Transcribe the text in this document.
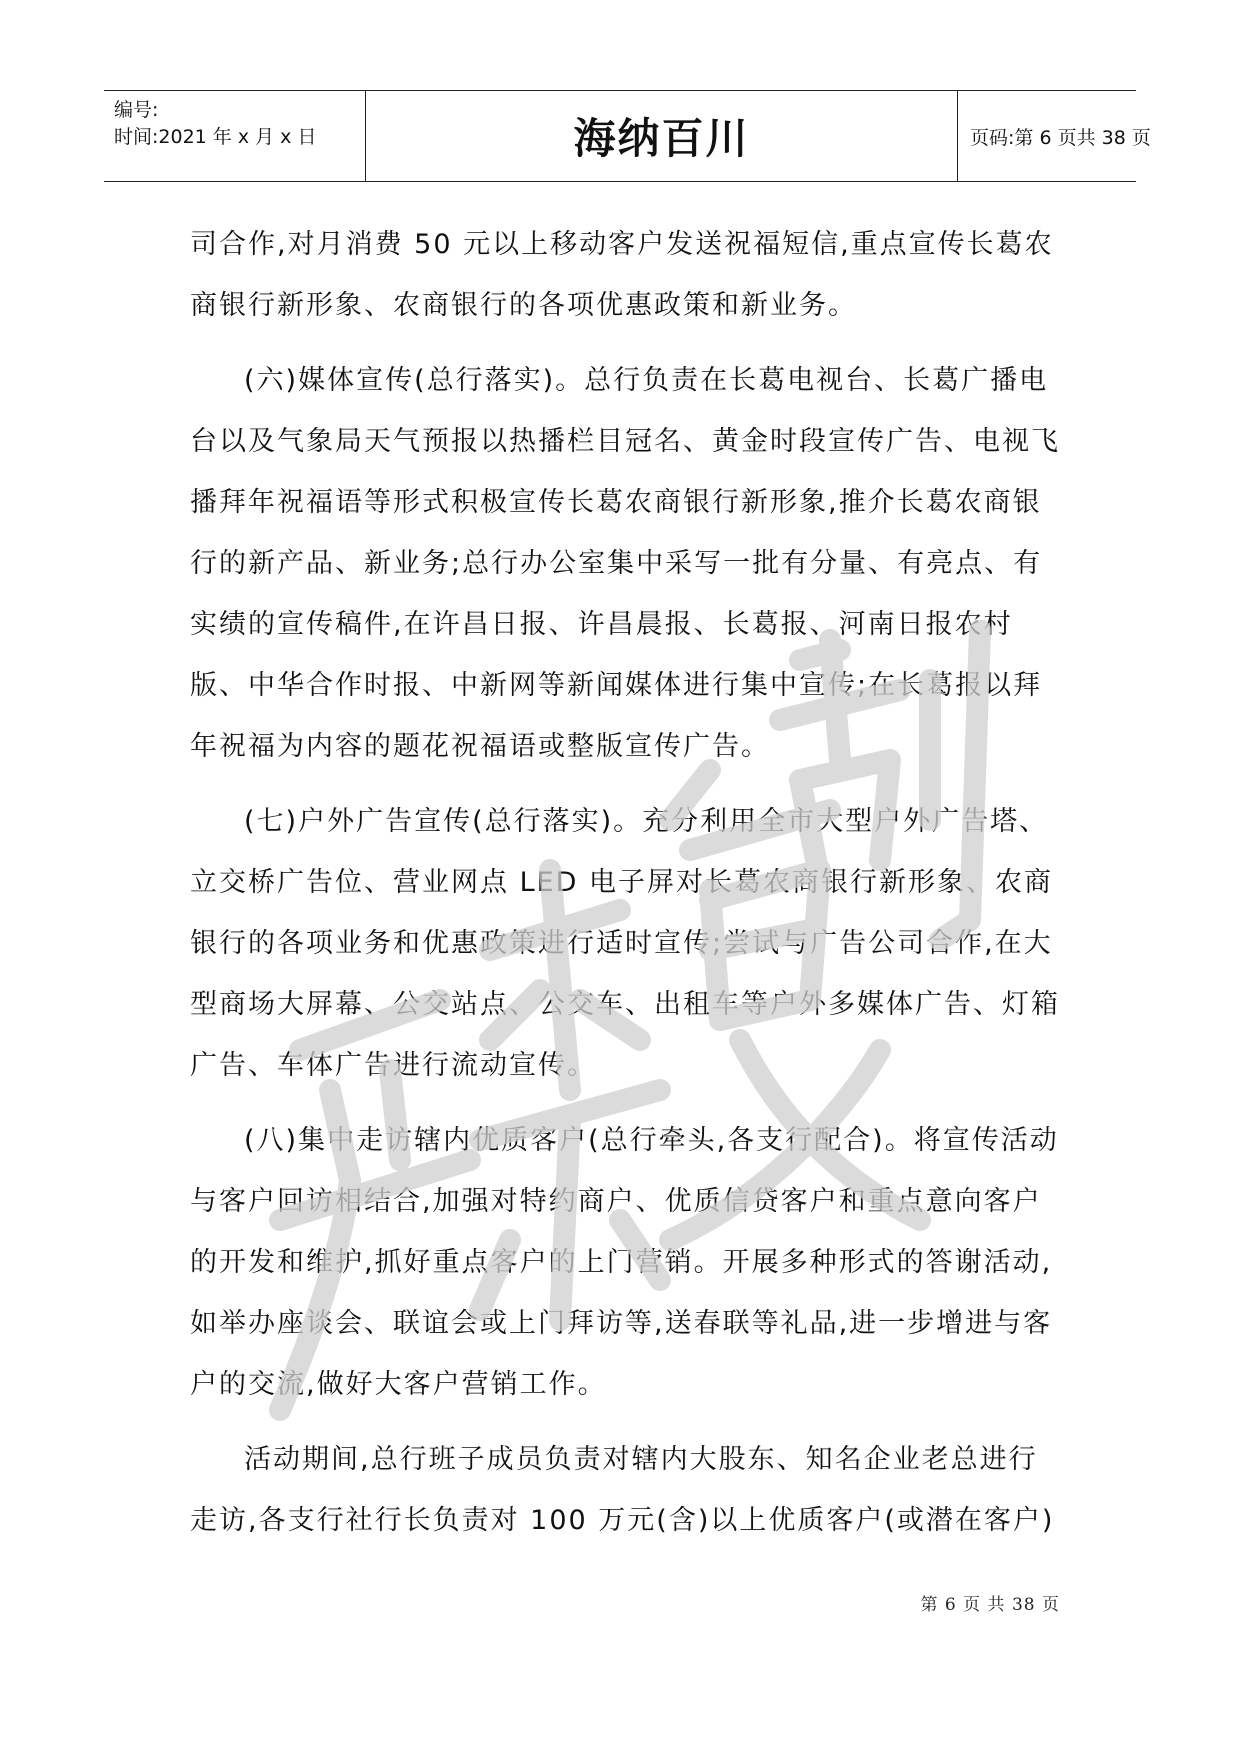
编号:
时间:2021 年 x 月 x 日	海纳百川	页码:第 6 页共 38 页

司合作,对月消费 50 元以上移动客户发送祝福短信,重点宣传长葛农商银行新形象、农商银行的各项优惠政策和新业务。

(六)媒体宣传(总行落实)。总行负责在长葛电视台、长葛广播电台以及气象局天气预报以热播栏目冠名、黄金时段宣传广告、电视飞播拜年祝福语等形式积极宣传长葛农商银行新形象,推介长葛农商银行的新产品、新业务;总行办公室集中采写一批有分量、有亮点、有实绩的宣传稿件,在许昌日报、许昌晨报、长葛报、河南日报农村版、中华合作时报、中新网等新闻媒体进行集中宣传;在长葛报以拜年祝福为内容的题花祝福语或整版宣传广告。

(七)户外广告宣传(总行落实)。充分利用全市大型户外广告塔、立交桥广告位、营业网点 LED 电子屏对长葛农商银行新形象、农商银行的各项业务和优惠政策进行适时宣传;尝试与广告公司合作,在大型商场大屏幕、公交站点、公交车、出租车等户外多媒体广告、灯箱广告、车体广告进行流动宣传。

(八)集中走访辖内优质客户(总行牵头,各支行配合)。将宣传活动与客户回访相结合,加强对特约商户、优质信贷客户和重点意向客户的开发和维护,抓好重点客户的上门营销。开展多种形式的答谢活动,如举办座谈会、联谊会或上门拜访等,送春联等礼品,进一步增进与客户的交流,做好大客户营销工作。

活动期间,总行班子成员负责对辖内大股东、知名企业老总进行走访,各支行社行长负责对 100 万元(含)以上优质客户(或潜在客户)

第 6 页 共 38 页
